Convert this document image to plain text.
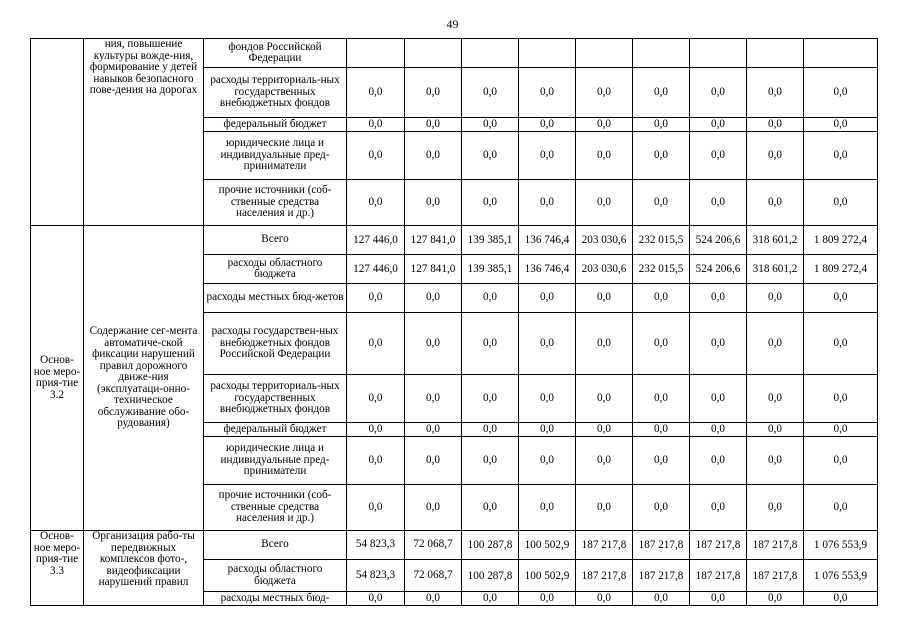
49
	ния, повышение культуры вожде-ния, формирование у детей навыков безопасного пове-дения на дорогах	фондов Российской Федерации									
		расходы территориаль-ных государственных внебюджетных фондов	0,0	0,0	0,0	0,0	0,0	0,0	0,0	0,0	0,0
		федеральный бюджет	0,0	0,0	0,0	0,0	0,0	0,0	0,0	0,0	0,0
		юридические лица и индивидуальные пред-приниматели	0,0	0,0	0,0	0,0	0,0	0,0	0,0	0,0	0,0
		прочие источники (соб-ственные средства населения и др.)	0,0	0,0	0,0	0,0	0,0	0,0	0,0	0,0	0,0
Основ-ное меро-прия-тие 3.2	Содержание сег-мента автоматиче-ской фиксации нарушений правил дорожного движе-ния (эксплуатаци-онно-техническое обслуживание обо-рудования)	Всего	127 446,0	127 841,0	139 385,1	136 746,4	203 030,6	232 015,5	524 206,6	318 601,2	1 809 272,4
		расходы областного бюджета	127 446,0	127 841,0	139 385,1	136 746,4	203 030,6	232 015,5	524 206,6	318 601,2	1 809 272,4
		расходы местных бюд-жетов	0,0	0,0	0,0	0,0	0,0	0,0	0,0	0,0	0,0
		расходы государствен-ных внебюджетных фондов Российской Федерации	0,0	0,0	0,0	0,0	0,0	0,0	0,0	0,0	0,0
		расходы территориаль-ных государственных внебюджетных фондов	0,0	0,0	0,0	0,0	0,0	0,0	0,0	0,0	0,0
		федеральный бюджет	0,0	0,0	0,0	0,0	0,0	0,0	0,0	0,0	0,0
		юридические лица и индивидуальные пред-приниматели	0,0	0,0	0,0	0,0	0,0	0,0	0,0	0,0	0,0
		прочие источники (соб-ственные средства населения и др.)	0,0	0,0	0,0	0,0	0,0	0,0	0,0	0,0	0,0
Основ-ное меро-прия-тие 3.3	Организация рабо-ты передвижных комплексов фото-, видеофиксации нарушений правил	Всего	54 823,3	72 068,7	100 287,8	100 502,9	187 217,8	187 217,8	187 217,8	187 217,8	1 076 553,9
		расходы областного бюджета	54 823,3	72 068,7	100 287,8	100 502,9	187 217,8	187 217,8	187 217,8	187 217,8	1 076 553,9
		расходы местных бюд-	0,0	0,0	0,0	0,0	0,0	0,0	0,0	0,0	0,0
